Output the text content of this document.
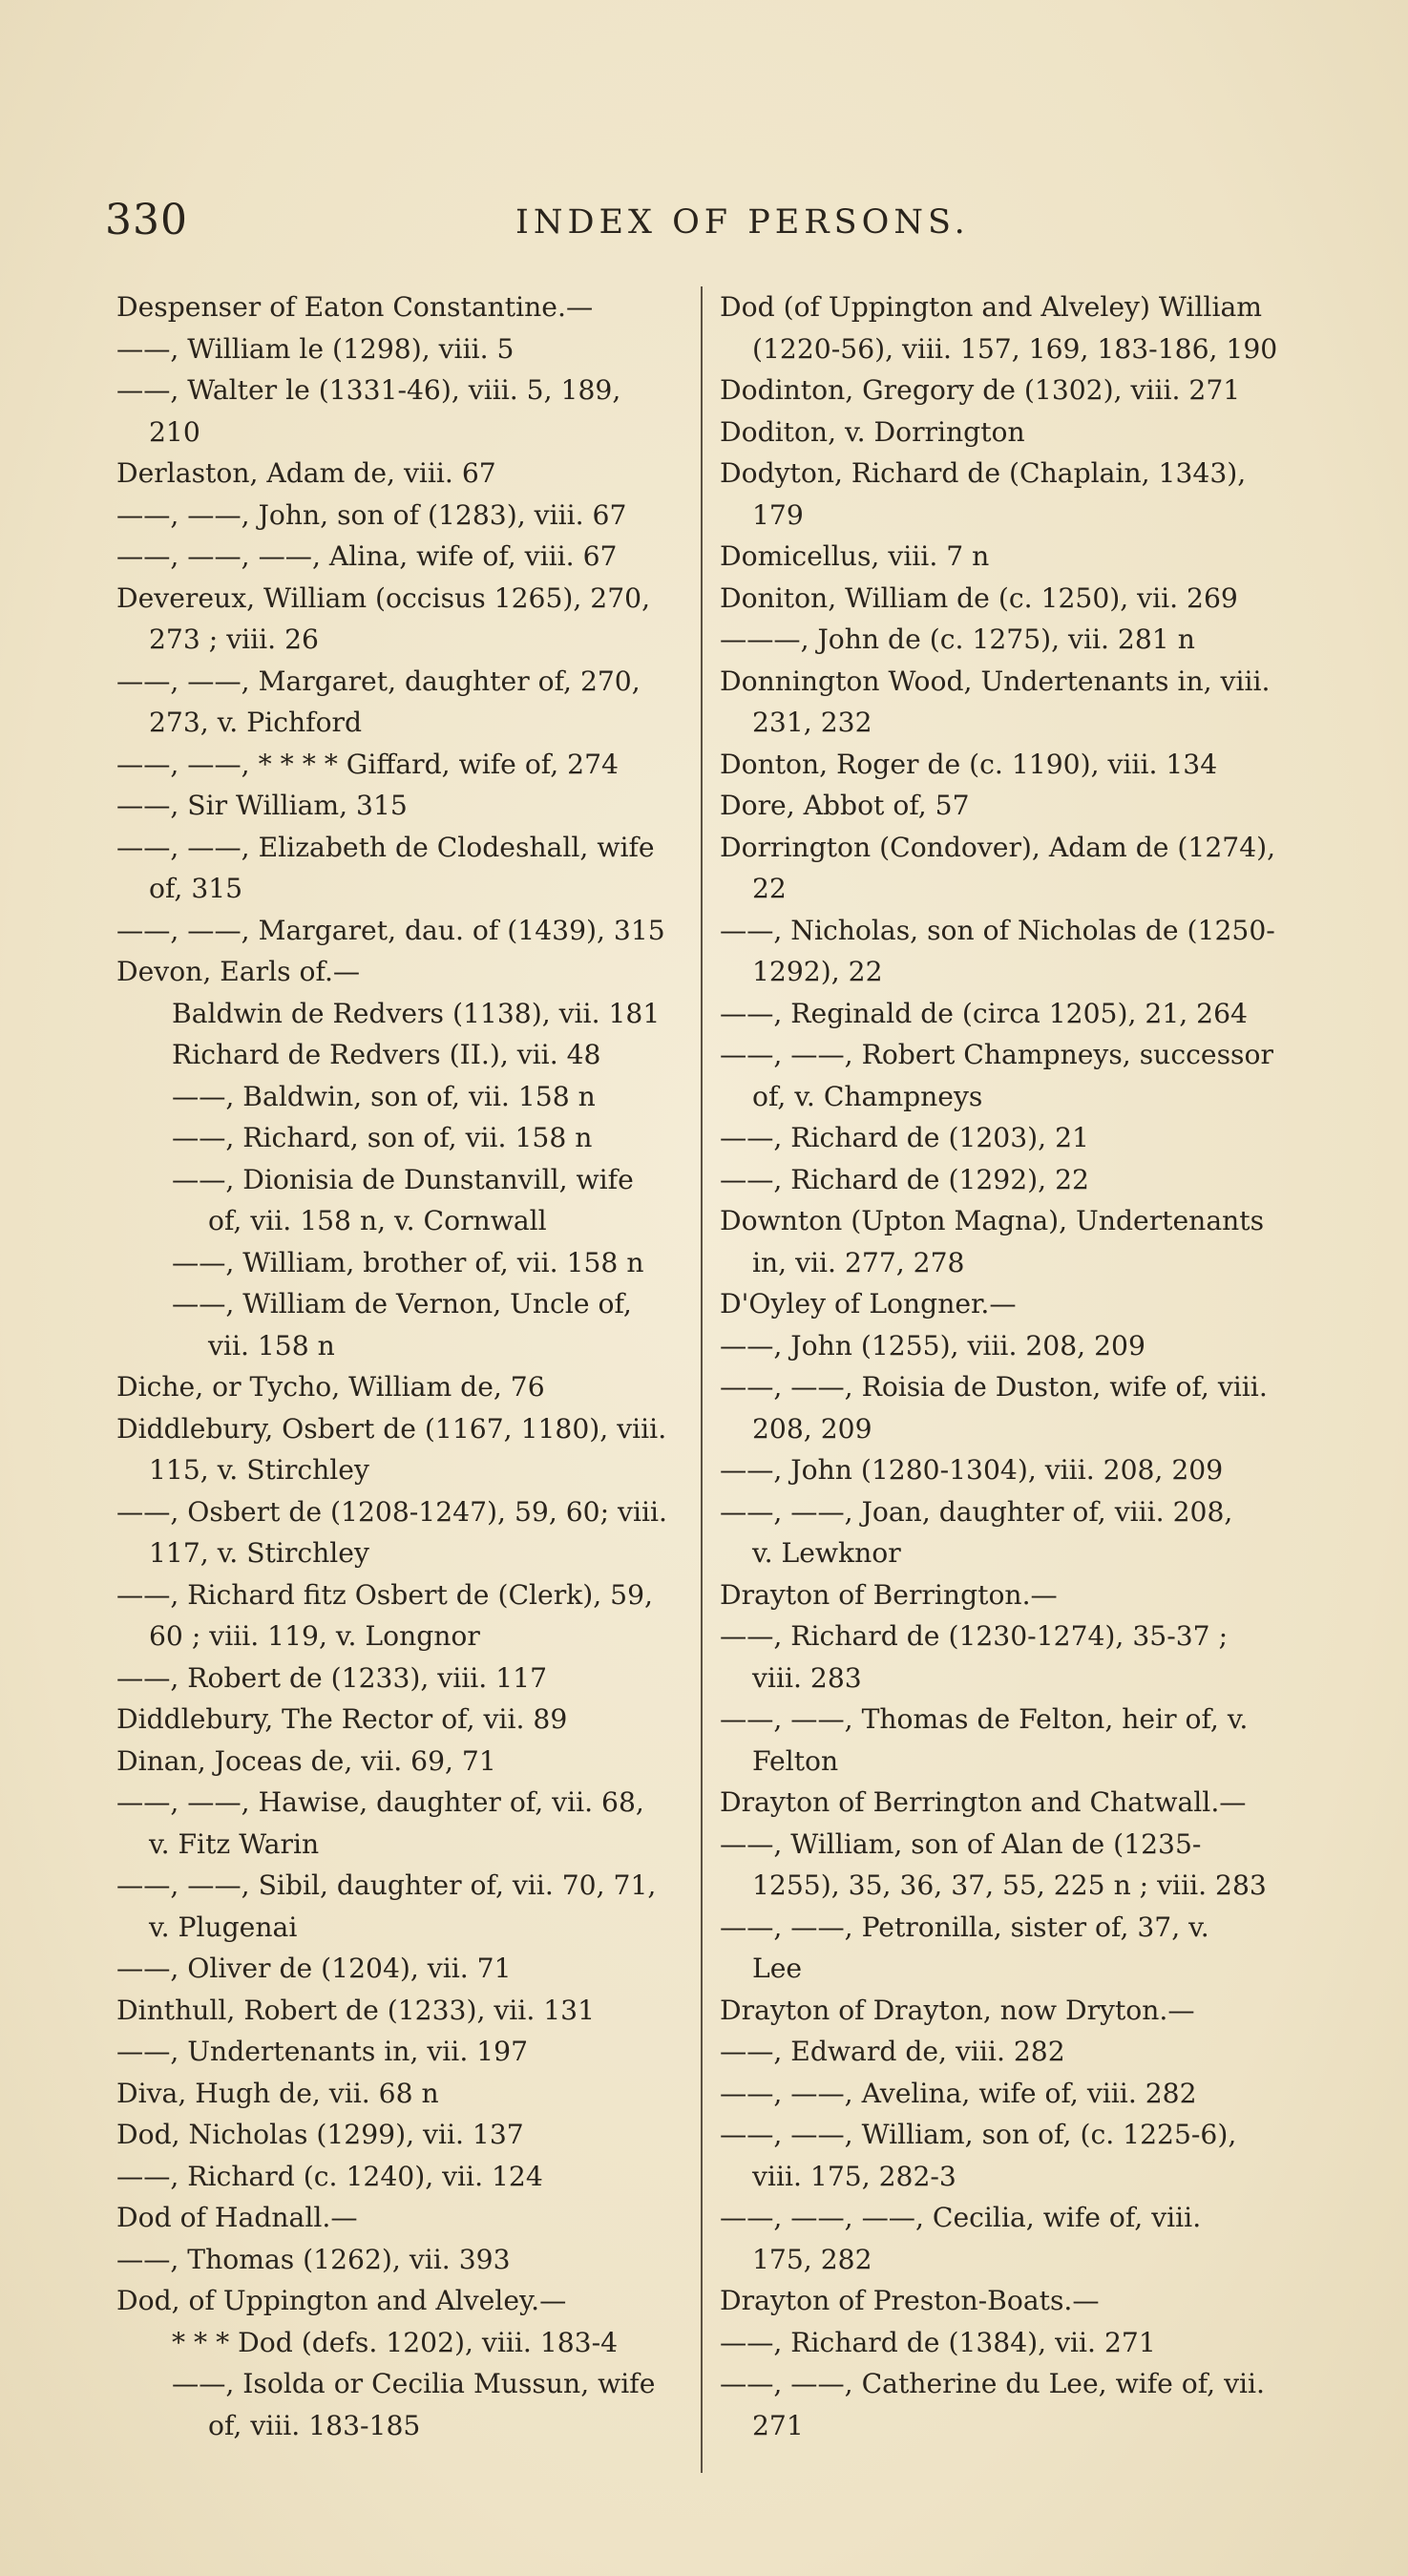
330	INDEX OF PERSONS.
Despenser of Eaton Constantine.—
——, William le (1298), viii. 5
——, Walter le (1331-46), viii. 5, 189,
210
Derlaston, Adam de, viii. 67
——, ——, John, son of (1283), viii. 67
——, ——, ——, Alina, wife of, viii. 67
Devereux, William (occisus 1265), 270,
273 ; viii. 26
——, ——, Margaret, daughter of, 270,
273, v. Pichford
——, ——, * * * * Giffard, wife of, 274
——, Sir William, 315
——, ——, Elizabeth de Clodeshall, wife
of, 315
——, ——, Margaret, dau. of (1439), 315
Devon, Earls of.—
Baldwin de Redvers (1138), vii. 181
Richard de Redvers (II.), vii. 48
——, Baldwin, son of, vii. 158 n
——, Richard, son of, vii. 158 n
——, Dionisia de Dunstanvill, wife
of, vii. 158 n, v. Cornwall
——, William, brother of, vii. 158 n
——, William de Vernon, Uncle of,
vii. 158 n
Diche, or Tycho, William de, 76
Diddlebury, Osbert de (1167, 1180), viii.
115, v. Stirchley
——, Osbert de (1208-1247), 59, 60; viii.
117, v. Stirchley
——, Richard fitz Osbert de (Clerk), 59,
60 ; viii. 119, v. Longnor
——, Robert de (1233), viii. 117
Diddlebury, The Rector of, vii. 89
Dinan, Joceas de, vii. 69, 71
——, ——, Hawise, daughter of, vii. 68,
v. Fitz Warin
——, ——, Sibil, daughter of, vii. 70, 71,
v. Plugenai
——, Oliver de (1204), vii. 71
Dinthull, Robert de (1233), vii. 131
——, Undertenants in, vii. 197
Diva, Hugh de, vii. 68 n
Dod, Nicholas (1299), vii. 137
——, Richard (c. 1240), vii. 124
Dod of Hadnall.—
——, Thomas (1262), vii. 393
Dod, of Uppington and Alveley.—
* * * Dod (defs. 1202), viii. 183-4
——, Isolda or Cecilia Mussun, wife
of, viii. 183-185
Dod (of Uppington and Alveley) William
(1220-56), viii. 157, 169, 183-186, 190
Dodinton, Gregory de (1302), viii. 271
Doditon, v. Dorrington
Dodyton, Richard de (Chaplain, 1343),
179
Domicellus, viii. 7 n
Doniton, William de (c. 1250), vii. 269
———, John de (c. 1275), vii. 281 n
Donnington Wood, Undertenants in, viii.
231, 232
Donton, Roger de (c. 1190), viii. 134
Dore, Abbot of, 57
Dorrington (Condover), Adam de (1274),
22
——, Nicholas, son of Nicholas de (1250-
1292), 22
——, Reginald de (circa 1205), 21, 264
——, ——, Robert Champneys, successor
of, v. Champneys
——, Richard de (1203), 21
——, Richard de (1292), 22
Downton (Upton Magna), Undertenants
in, vii. 277, 278
D'Oyley of Longner.—
——, John (1255), viii. 208, 209
——, ——, Roisia de Duston, wife of, viii.
208, 209
——, John (1280-1304), viii. 208, 209
——, ——, Joan, daughter of, viii. 208,
v. Lewknor
Drayton of Berrington.—
——, Richard de (1230-1274), 35-37 ;
viii. 283
——, ——, Thomas de Felton, heir of, v.
Felton
Drayton of Berrington and Chatwall.—
——, William, son of Alan de (1235-
1255), 35, 36, 37, 55, 225 n ; viii. 283
——, ——, Petronilla, sister of, 37, v.
Lee
Drayton of Drayton, now Dryton.—
——, Edward de, viii. 282
——, ——, Avelina, wife of, viii. 282
——, ——, William, son of, (c. 1225-6),
viii. 175, 282-3
——, ——, ——, Cecilia, wife of, viii.
175, 282
Drayton of Preston-Boats.—
——, Richard de (1384), vii. 271
——, ——, Catherine du Lee, wife of, vii.
271
